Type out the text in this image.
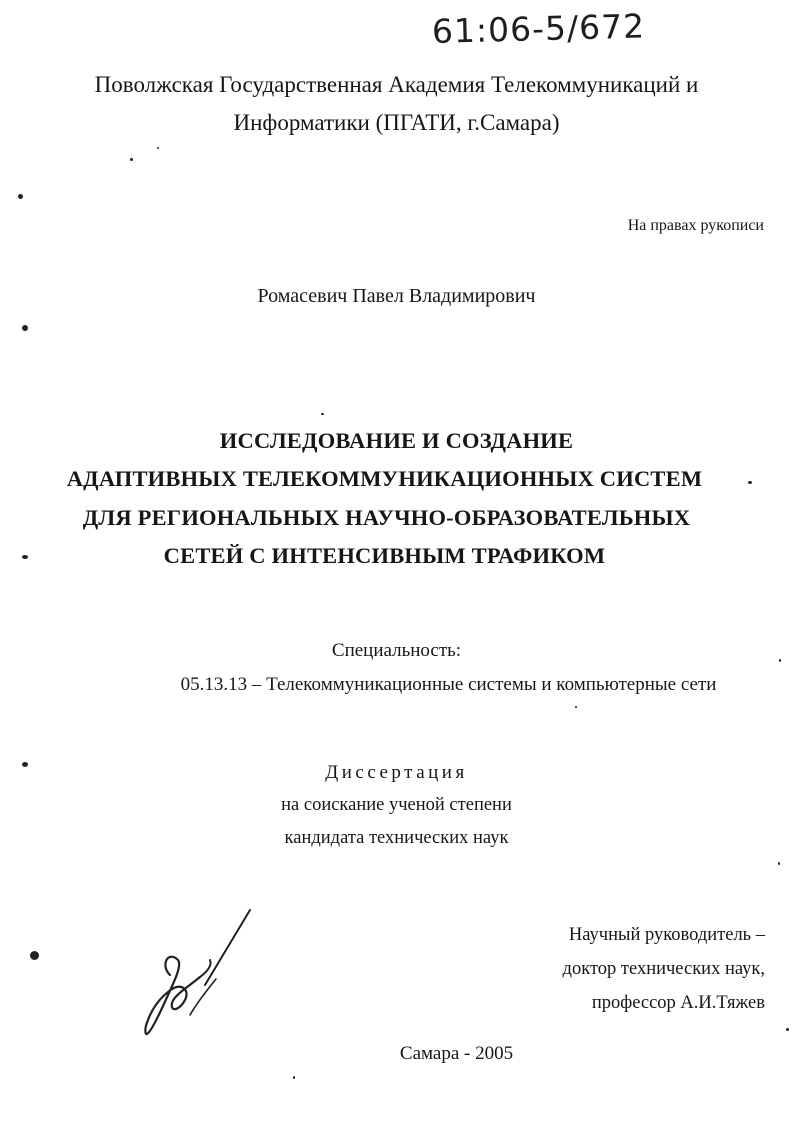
61:06-5/672
Поволжская Государственная Академия Телекоммуникаций и
Информатики (ПГАТИ, г.Самара)
На правах рукописи
Ромасевич Павел Владимирович
ИССЛЕДОВАНИЕ И СОЗДАНИЕ
АДАПТИВНЫХ ТЕЛЕКОММУНИКАЦИОННЫХ СИСТЕМ
ДЛЯ РЕГИОНАЛЬНЫХ НАУЧНО-ОБРАЗОВАТЕЛЬНЫХ
СЕТЕЙ С ИНТЕНСИВНЫМ ТРАФИКОМ
Специальность:
05.13.13 – Телекоммуникационные системы и компьютерные сети
Диссертация
на соискание ученой степени
кандидата технических наук
Научный руководитель –
доктор технических наук,
профессор А.И.Тяжев
Самара - 2005
